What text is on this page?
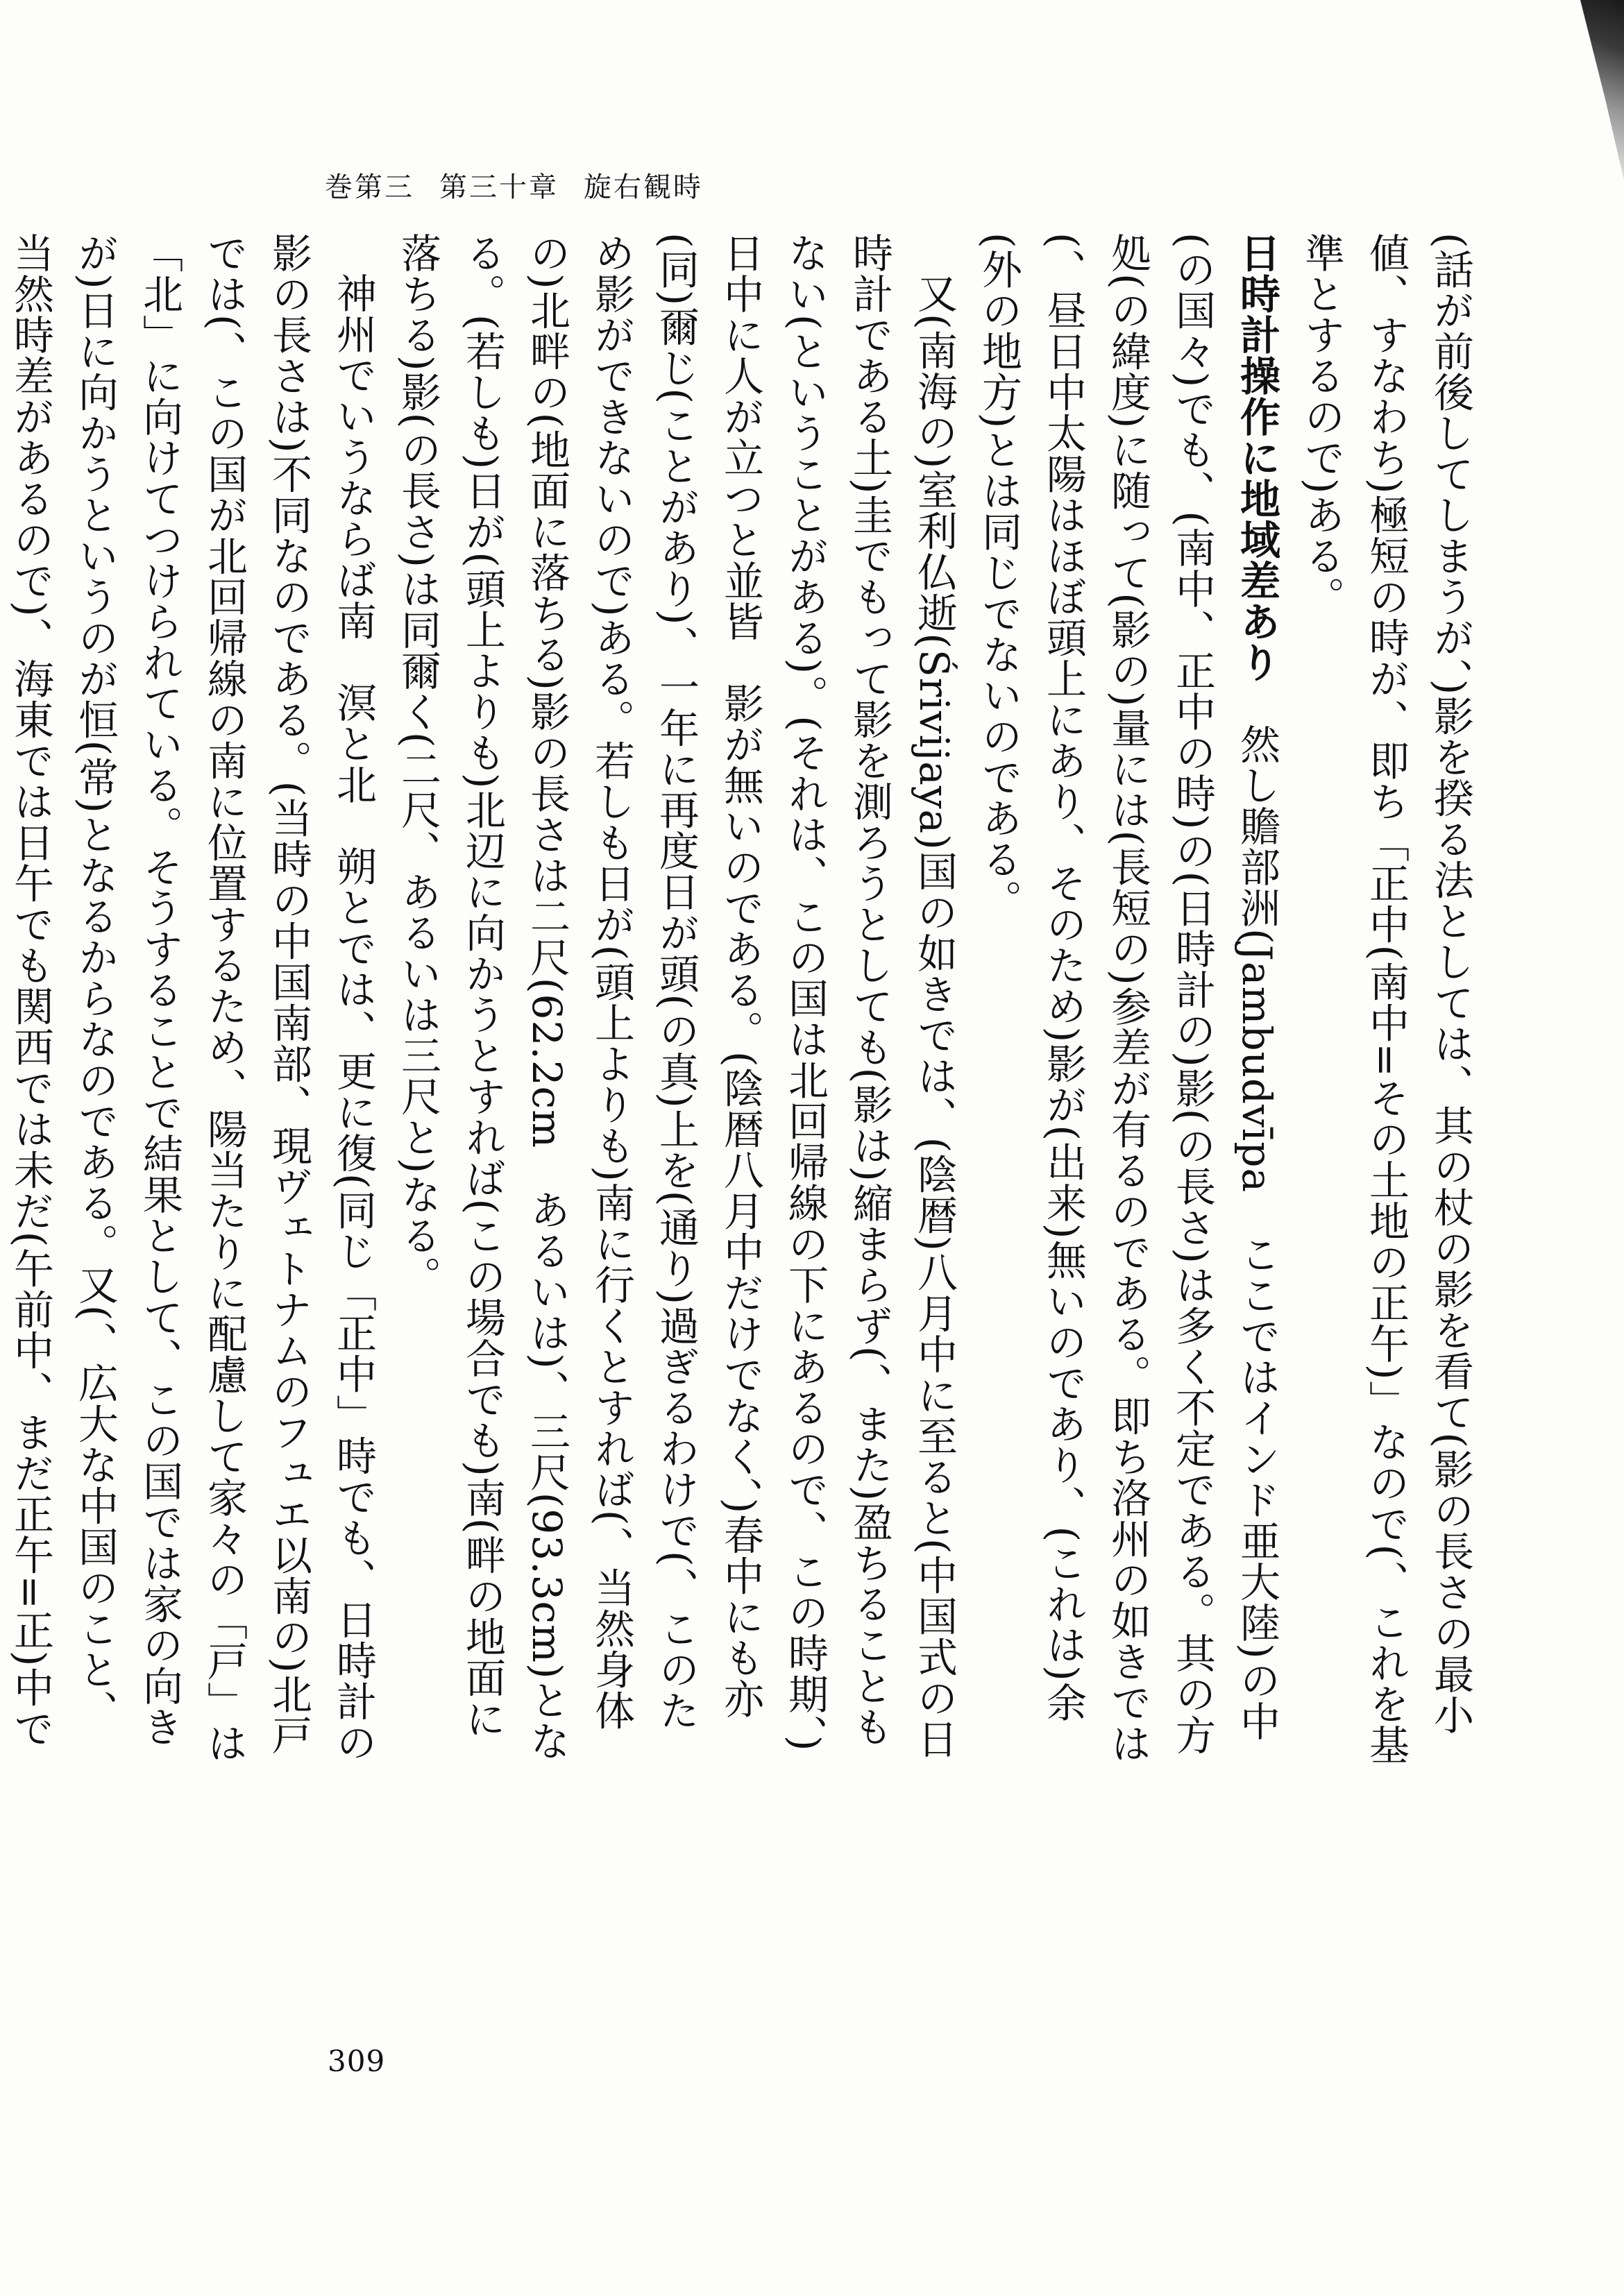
巻第三 第三十章 旋右観時

(話が前後してしまうが、)影を揆る法としては、其の杖の影を看て(影の長さの最小値、すなわち)極短の時が、即ち「正中(南中=その土地の正午)」なので(、これを基準とするので)ある。

日時計操作に地域差あり　然し贍部洲(Jambudvīpa　ここではインド亜大陸)の中(の国々)でも、(南中、正中の時)の(日時計の)影(の長さ)は多く不定である。其の方処(の緯度)に随って(影の)量には(長短の)参差が有るのである。即ち洛州の如きでは(、昼日中太陽はほぼ頭上にあり、そのため)影が(出来)無いのであり、(これは)余(外の地方)とは同じでないのである。

又(南海の)室利仏逝(Śrivijaya)国の如きでは、(陰暦)八月中に至ると(中国式の日時計である土)圭でもって影を測ろうとしても(影は)縮まらず(、また)盈ちることもない(ということがある)。(それは、この国は北回帰線の下にあるので、この時期、)日中に人が立つと並皆　影が無いのである。(陰暦八月中だけでなく、)春中にも亦(同)爾じ(ことがあり)、一年に再度日が頭(の真)上を(通り)過ぎるわけで(、このため影ができないので)ある。若しも日が(頭上よりも)南に行くとすれば(、当然身体の)北畔の(地面に落ちる)影の長さは二尺(62.2cm　あるいは)、三尺(93.3cm)となる。(若しも)日が(頭上よりも)北辺に向かうとすれば(この場合でも)南(畔の地面に落ちる)影(の長さ)は同爾く(二尺、あるいは三尺と)なる。

神州でいうならば南　溟と北　朔とでは、更に復(同じ「正中」時でも、日時計の影の長さは)不同なのである。(当時の中国南部、現ヴェトナムのフュエ以南の)北戸では(、この国が北回帰線の南に位置するため、陽当たりに配慮して家々の「戸」は「北」に向けてつけられている。そうすることで結果として、この国では家の向きが)日に向かうというのが恒(常)となるからなのである。又(、広大な中国のこと、当然時差があるので)、海東では日午でも関西では未だ(午前中、まだ正午=正)中で

309
